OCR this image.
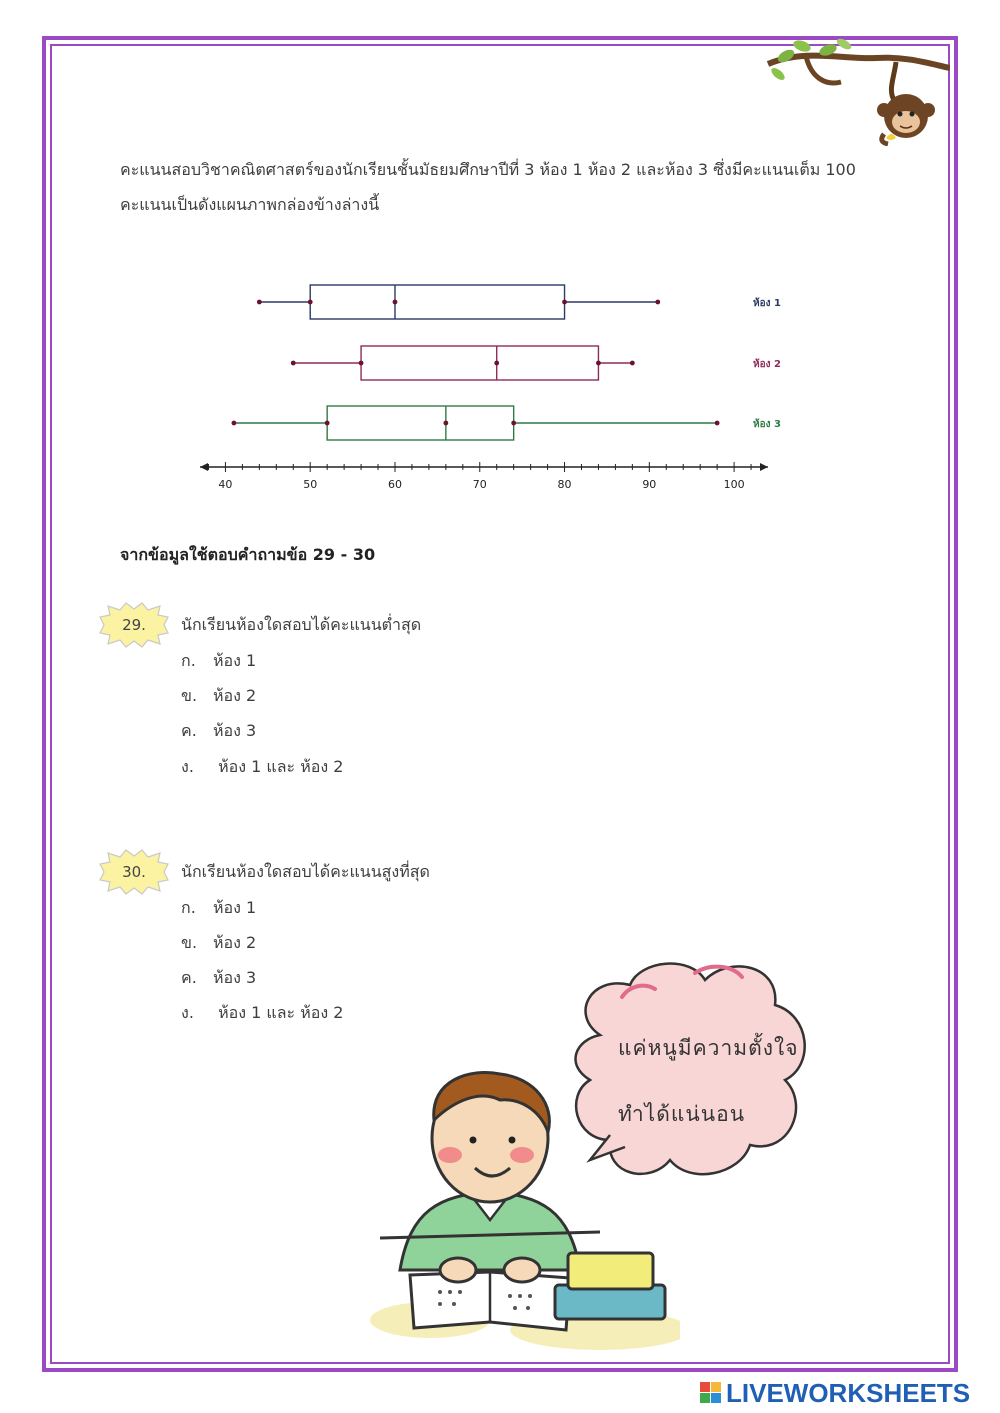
คะแนนสอบวิชาคณิตศาสตร์ของนักเรียนชั้นมัธยมศึกษาปีที่ 3 ห้อง 1 ห้อง 2 และห้อง 3 ซึ่งมีคะแนนเต็ม 100

คะแนนเป็นดังแผนภาพกล่องข้างล่างนี้

40	50	60	70	80	90	100
ห้อง 1
ห้อง 2
ห้อง 3
จากข้อมูลใช้ตอบคำถามข้อ 29 - 30
29.	นักเรียนห้องใดสอบได้คะแนนต่ำสุด
ก. ห้อง 1
ข. ห้อง 2
ค. ห้อง 3
ง. ห้อง 1 และ ห้อง 2
30.	นักเรียนห้องใดสอบได้คะแนนสูงที่สุด
ก. ห้อง 1
ข. ห้อง 2
ค. ห้อง 3
ง. ห้อง 1 และ ห้อง 2
แค่หนูมีความตั้งใจ
ทำได้แน่นอน
LIVEWORKSHEETS
